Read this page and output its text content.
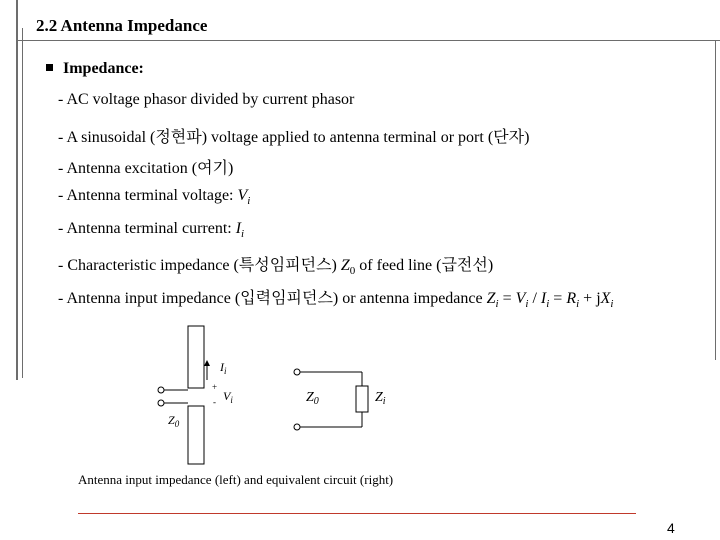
2.2 Antenna Impedance
Impedance:
- AC voltage phasor divided by current phasor
- A sinusoidal (정현파) voltage applied to antenna terminal or port (단자)
- Antenna excitation (여기)
- Antenna terminal voltage: $V_i$
- Antenna terminal current: $I_i$
- Characteristic impedance (특성임피던스) $Z_0$ of feed line (급전선)
- Antenna input impedance (입력임피던스) or antenna impedance $Z_i = V_i / I_i = R_i + jX_i$
$I_i$
+
- $V_i$
$Z_0$
$Z_0$	$Z_i$
Antenna input impedance (left) and equivalent circuit (right)
4
